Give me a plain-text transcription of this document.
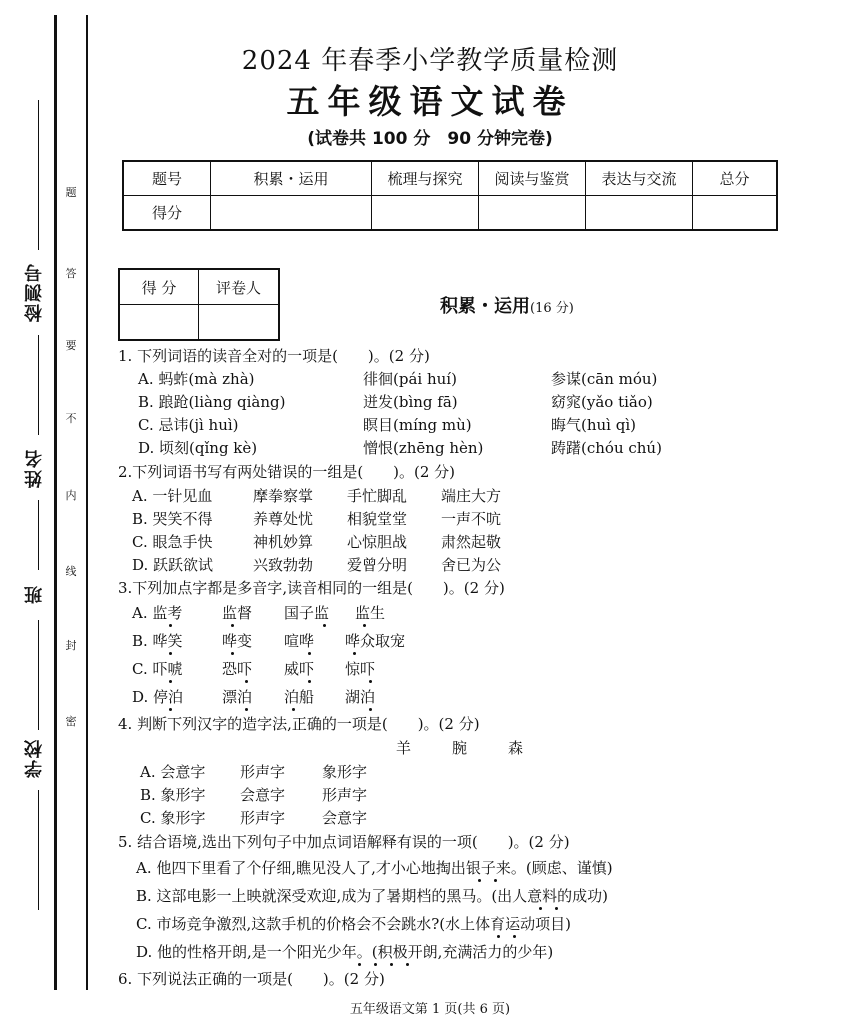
检测号
姓名
班
学校
题
答
要
不
内
线
封
密
2024 年春季小学教学质量检测
五年级语文试卷
(试卷共 100 分　90 分钟完卷)
题号	积累・运用	梳理与探究	阅读与鉴赏	表达与交流	总分
得分					
得 分	评卷人

积累・运用(16 分)
1. 下列词语的读音全对的一项是(　　)。(2 分)
A. 蚂蚱(mà zhà)	徘徊(pái huí)	参谋(cān móu)
B. 踉跄(liàng qiàng)	迸发(bìng fā)	窈窕(yǎo tiǎo)
C. 忌讳(jì huì)	瞑目(míng mù)	晦气(huì qì)
D. 顷刻(qǐng kè)	憎恨(zhēng hèn)	踌躇(chóu chú)
2.下列词语书写有两处错误的一组是(　　)。(2 分)
A. 一针见血	摩拳察掌 手忙脚乱 端庄大方
B. 哭笑不得	养尊处忧 相貌堂堂 一声不吭
C. 眼急手快	神机妙算 心惊胆战 肃然起敬
D. 跃跃欲试	兴致勃勃 爱曾分明 舍已为公
3.下列加点字都是多音字,读音相同的一组是(　　)。(2 分)
A. 监考	监督 国子监 监生
B. 哗笑	哗变 喧哗 哗众取宠
C. 吓唬	恐吓 威吓 惊吓
D. 停泊	漂泊 泊船 湖泊
4. 判断下列汉字的造字法,正确的一项是(　　)。(2 分)
羊	腕	森
A. 会意字 形声字 象形字
B. 象形字 会意字 形声字
C. 象形字 形声字 会意字
5. 结合语境,选出下列句子中加点词语解释有误的一项(　　)。(2 分)
A. 他四下里看了个仔细,瞧见没人了,才小心地掏出银子来。(顾虑、谨慎)
B. 这部电影一上映就深受欢迎,成为了暑期档的黑马。(出人意料的成功)
C. 市场竞争激烈,这款手机的价格会不会跳水?(水上体育运动项目)
D. 他的性格开朗,是一个阳光少年。(积极开朗,充满活力的少年)
6. 下列说法正确的一项是(　　)。(2 分)
五年级语文第 1 页(共 6 页)
